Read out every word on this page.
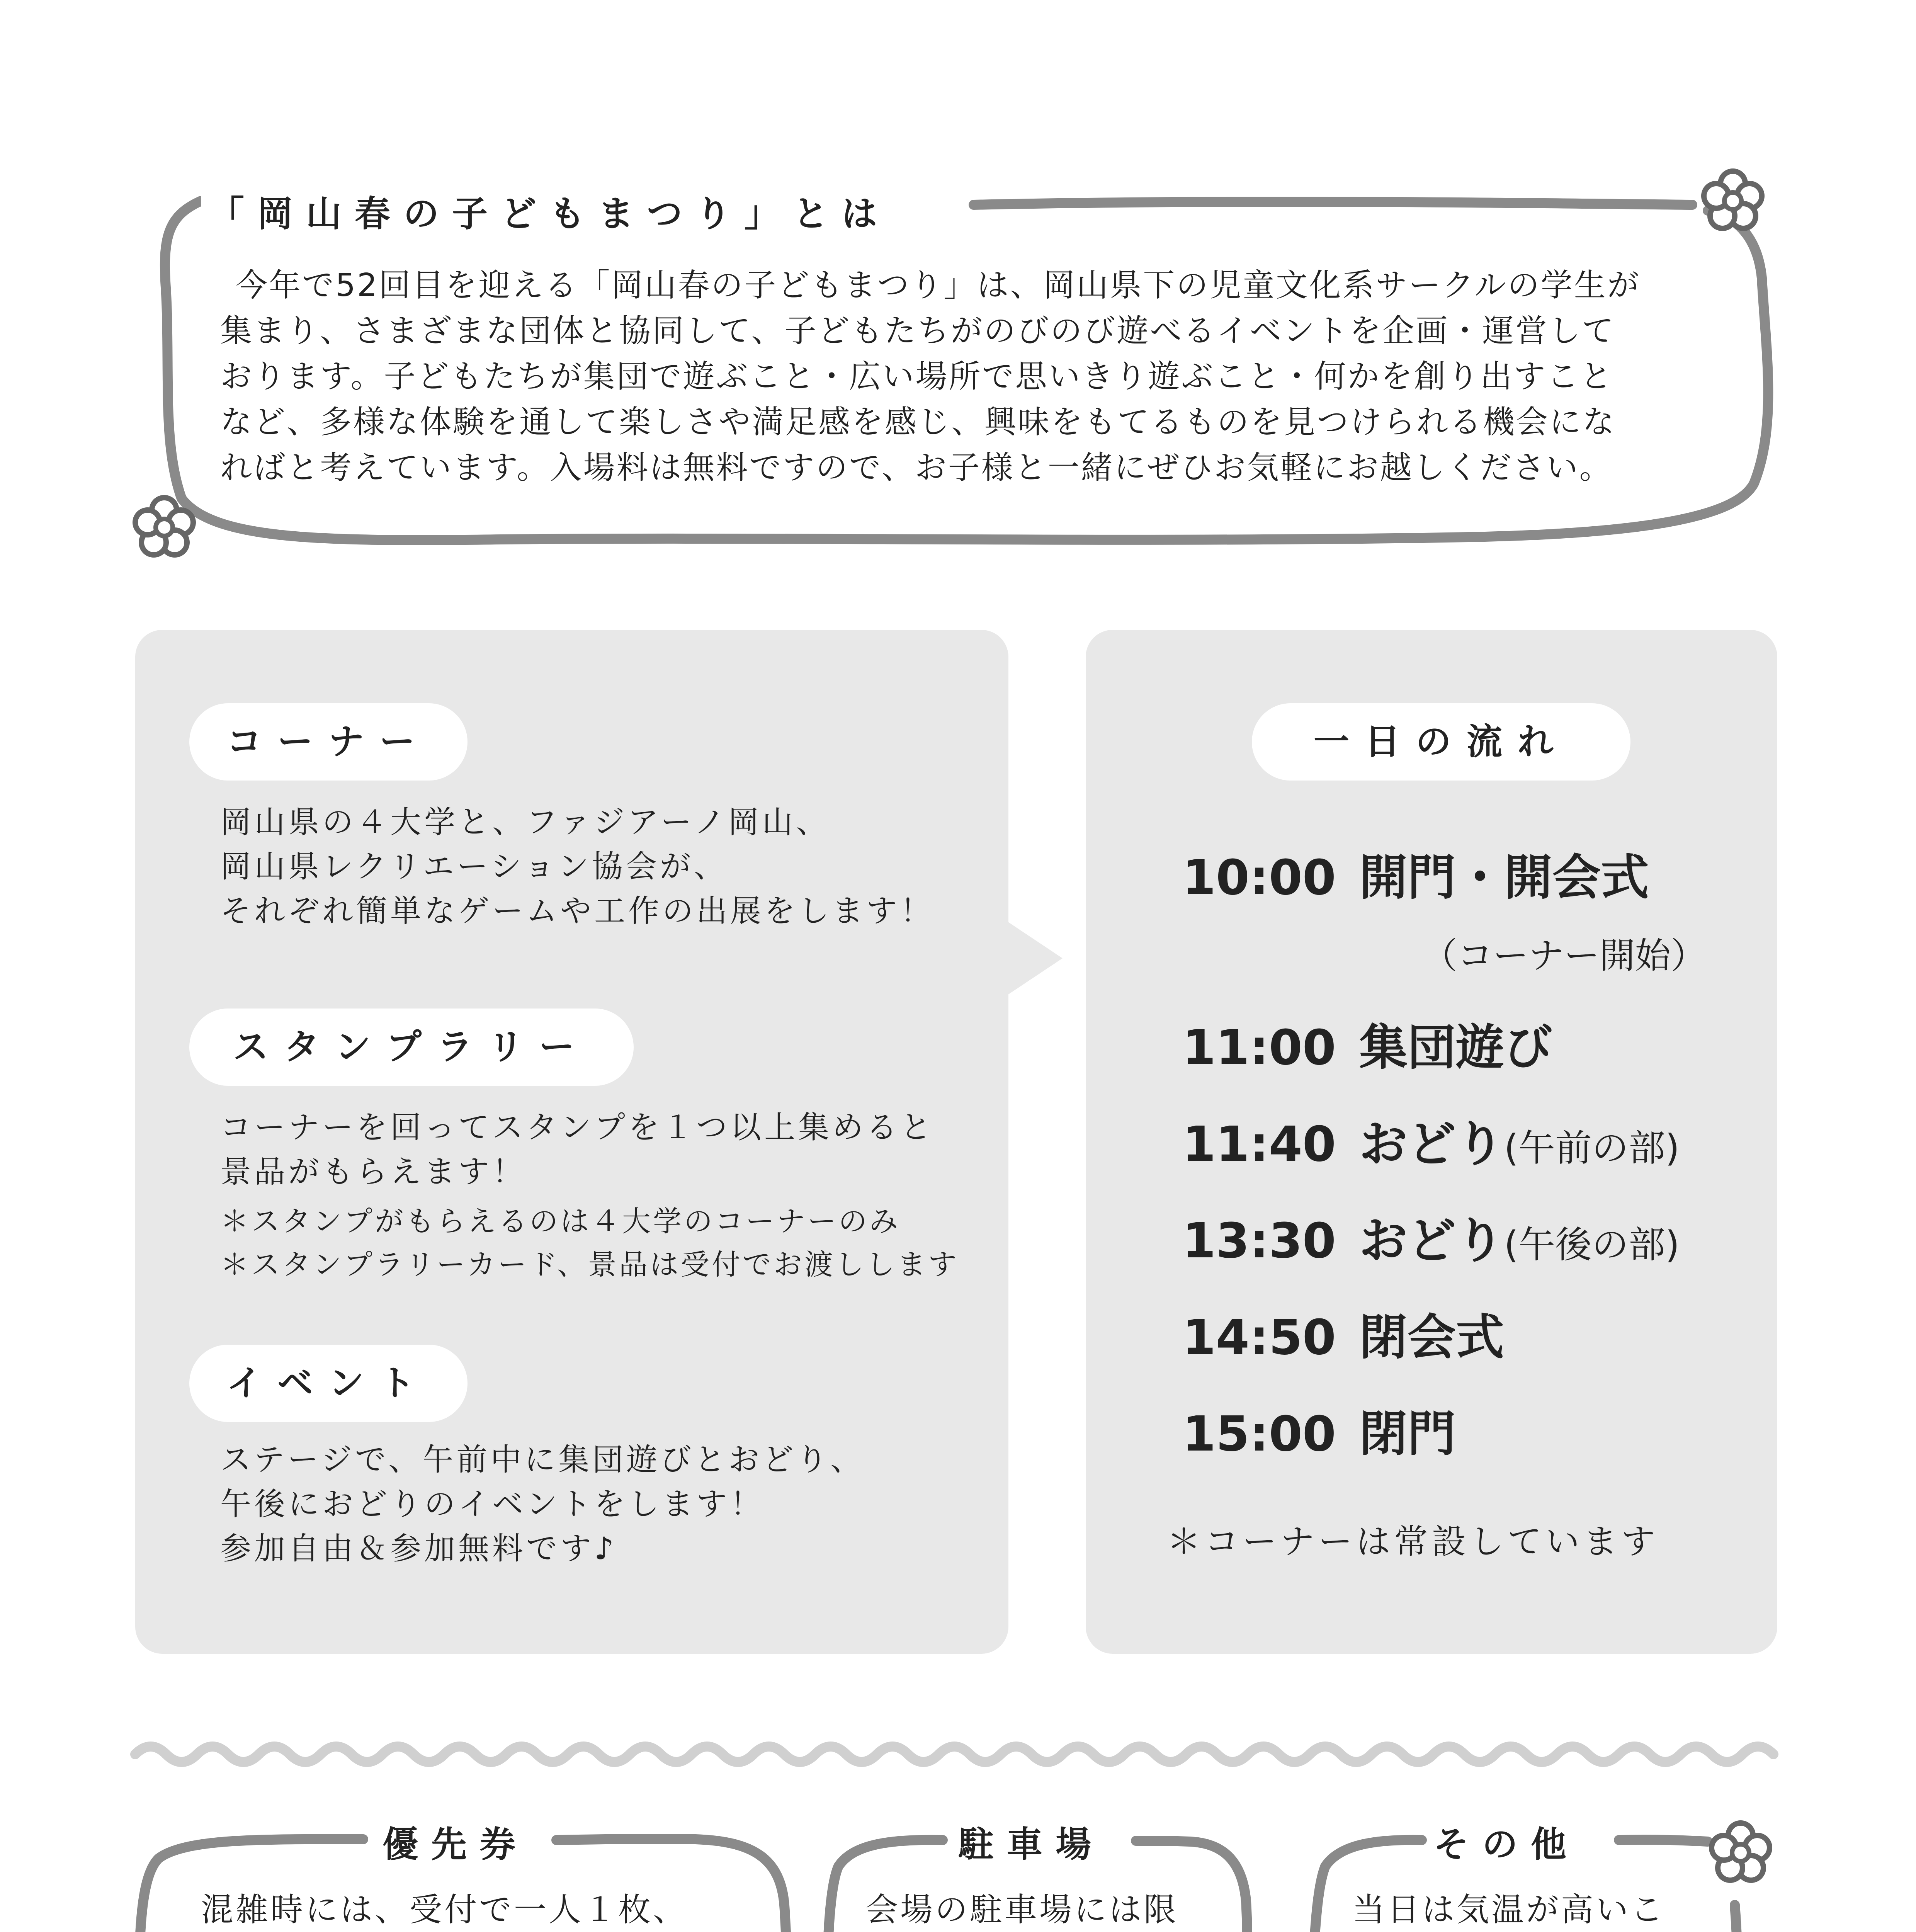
「岡山春の子どもまつり」とは
今年で52回目を迎える「岡山春の子どもまつり」は、岡山県下の児童文化系サークルの学生が
集まり、さまざまな団体と協同して、子どもたちがのびのび遊べるイベントを企画・運営して
おります。子どもたちが集団で遊ぶこと・広い場所で思いきり遊ぶこと・何かを創り出すこと
など、多様な体験を通して楽しさや満足感を感じ、興味をもてるものを見つけられる機会にな
ればと考えています。入場料は無料ですので、お子様と一緒にぜひお気軽にお越しください。
コーナー
岡山県の４大学と、ファジアーノ岡山、
岡山県レクリエーション協会が、
それぞれ簡単なゲームや工作の出展をします！
スタンプラリー
コーナーを回ってスタンプを１つ以上集めると
景品がもらえます！
＊スタンプがもらえるのは４大学のコーナーのみ
＊スタンプラリーカード、景品は受付でお渡しします
イベント
ステージで、午前中に集団遊びとおどり、
午後におどりのイベントをします！
参加自由＆参加無料です♪
一日の流れ
10:00 開門・開会式
（コーナー開始）
11:00 集団遊び
11:40 おどり(午前の部)
13:30 おどり(午後の部)
14:50 閉会式
15:00 閉門
＊コーナーは常設しています
優先券
混雑時には、受付で一人１枚、

駐車場
会場の駐車場には限

その他
当日は気温が高いこ
